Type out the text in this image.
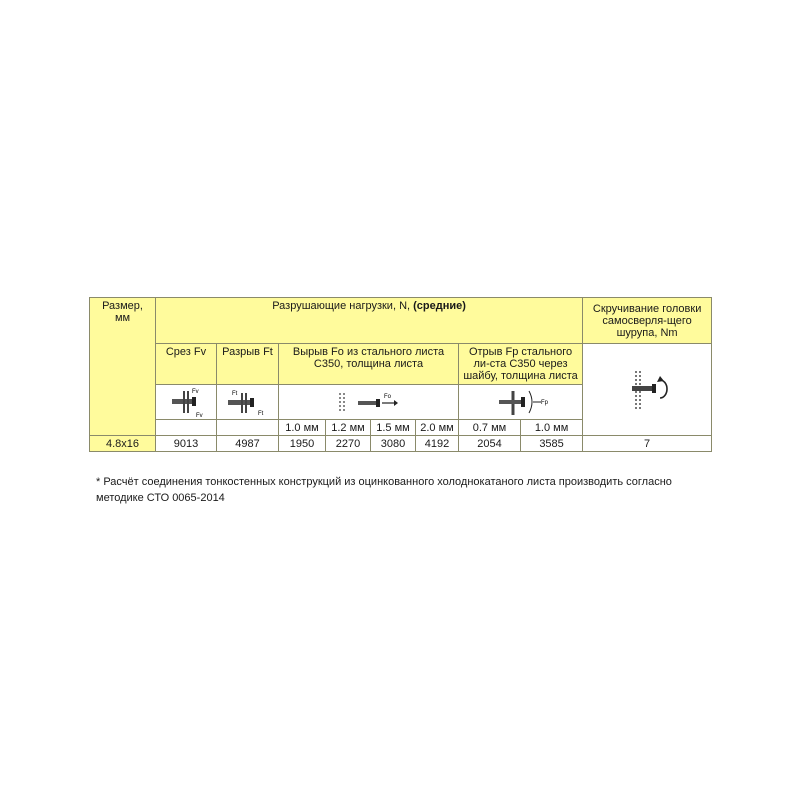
Размер,
мм	Разрушающие нагрузки, N, (средние)								Скручивание головки самосверля-щего шурупа, Nm
	Срез Fv	Разрыв Ft	Вырыв Fo из стального листа С350, толщина листа				Отрыв Fp стального ли-ста С350 через шайбу, толщина листа	

Fv
Fv	Ft
Ft	Fo				Fp		

			1.0 мм	1.2 мм	1.5 мм	2.0 мм	0.7 мм	1.0 мм	
4.8x16	9013	4987	1950	2270	3080	4192	2054	3585	7
* Расчёт соединения тонкостенных конструкций из оцинкованного холоднокатаного листа производить согласно
методике СТО 0065-2014
